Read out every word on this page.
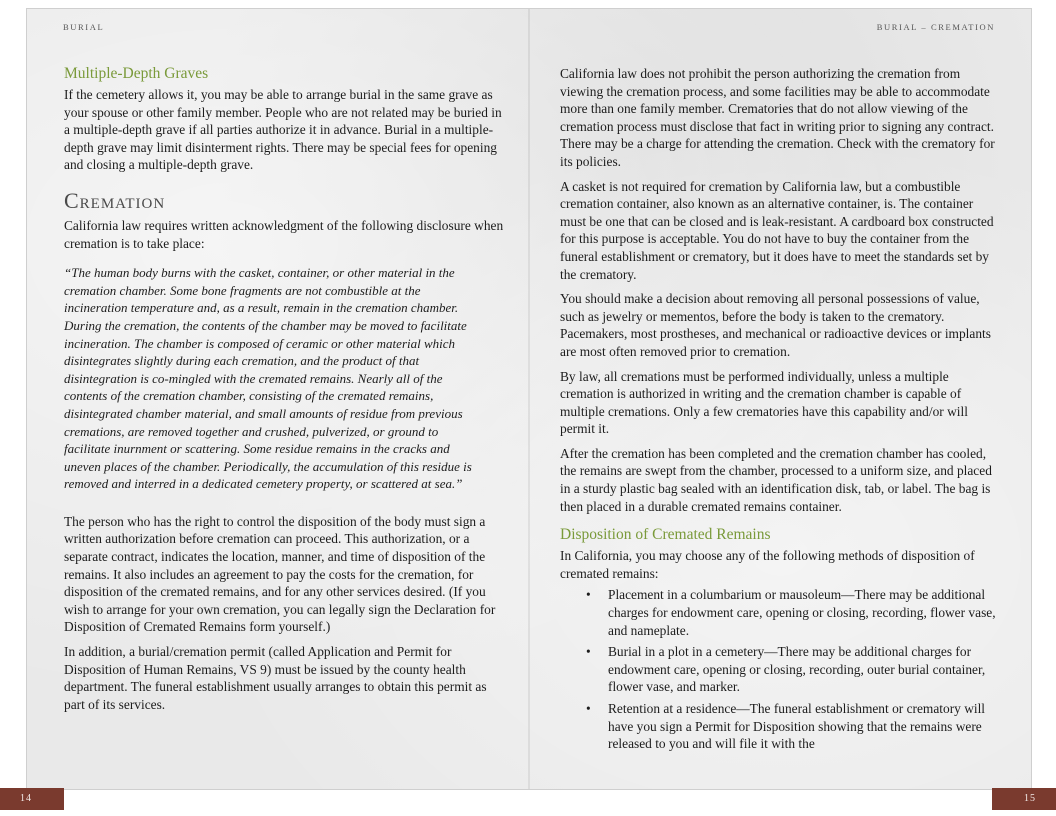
BURIAL	BURIAL – CREMATION
Multiple-Depth Graves

If the cemetery allows it, you may be able to arrange burial in the same grave as your spouse or other family member. People who are not related may be buried in a multiple-depth grave if all parties authorize it in advance. Burial in a multiple-depth grave may limit disinterment rights. There may be special fees for opening and closing a multiple-depth grave.

Cremation

California law requires written acknowledgment of the following disclosure when cremation is to take place:

“The human body burns with the casket, container, or other material in the cremation chamber. Some bone fragments are not combustible at the incineration temperature and, as a result, remain in the cremation chamber. During the cremation, the contents of the chamber may be moved to facilitate incineration. The chamber is composed of ceramic or other material which disintegrates slightly during each cremation, and the product of that disintegration is co-mingled with the cremated remains. Nearly all of the contents of the cremation chamber, consisting of the cremated remains, disintegrated chamber material, and small amounts of residue from previous cremations, are removed together and crushed, pulverized, or ground to facilitate inurnment or scattering. Some residue remains in the cracks and uneven places of the chamber. Periodically, the accumulation of this residue is removed and interred in a dedicated cemetery property, or scattered at sea.”

The person who has the right to control the disposition of the body must sign a written authorization before cremation can proceed. This authorization, or a separate contract, indicates the location, manner, and time of disposition of the remains. It also includes an agreement to pay the costs for the cremation, for disposition of the cremated remains, and for any other services desired. (If you wish to arrange for your own cremation, you can legally sign the Declaration for Disposition of Cremated Remains form yourself.)

In addition, a burial/cremation permit (called Application and Permit for Disposition of Human Remains, VS 9) must be issued by the county health department. The funeral establishment usually arranges to obtain this permit as part of its services.

California law does not prohibit the person authorizing the cremation from viewing the cremation process, and some facilities may be able to accommodate more than one family member. Crematories that do not allow viewing of the cremation process must disclose that fact in writing prior to signing any contract. There may be a charge for attending the cremation. Check with the crematory for its policies.

A casket is not required for cremation by California law, but a combustible cremation container, also known as an alternative container, is. The container must be one that can be closed and is leak-resistant. A cardboard box constructed for this purpose is acceptable. You do not have to buy the container from the funeral establishment or crematory, but it does have to meet the standards set by the crematory.

You should make a decision about removing all personal possessions of value, such as jewelry or mementos, before the body is taken to the crematory. Pacemakers, most prostheses, and mechanical or radioactive devices or implants are most often removed prior to cremation.

By law, all cremations must be performed individually, unless a multiple cremation is authorized in writing and the cremation chamber is capable of multiple cremations. Only a few crematories have this capability and/or will permit it.

After the cremation has been completed and the cremation chamber has cooled, the remains are swept from the chamber, processed to a uniform size, and placed in a sturdy plastic bag sealed with an identification disk, tab, or label. The bag is then placed in a durable cremated remains container.

Disposition of Cremated Remains

In California, you may choose any of the following methods of disposition of cremated remains:

• Placement in a columbarium or mausoleum—There may be additional charges for endowment care, opening or closing, recording, flower vase, and nameplate.
• Burial in a plot in a cemetery—There may be additional charges for endowment care, opening or closing, recording, outer burial container, flower vase, and marker.
• Retention at a residence—The funeral establishment or crematory will have you sign a Permit for Disposition showing that the remains were released to you and will file it with the
14	15
